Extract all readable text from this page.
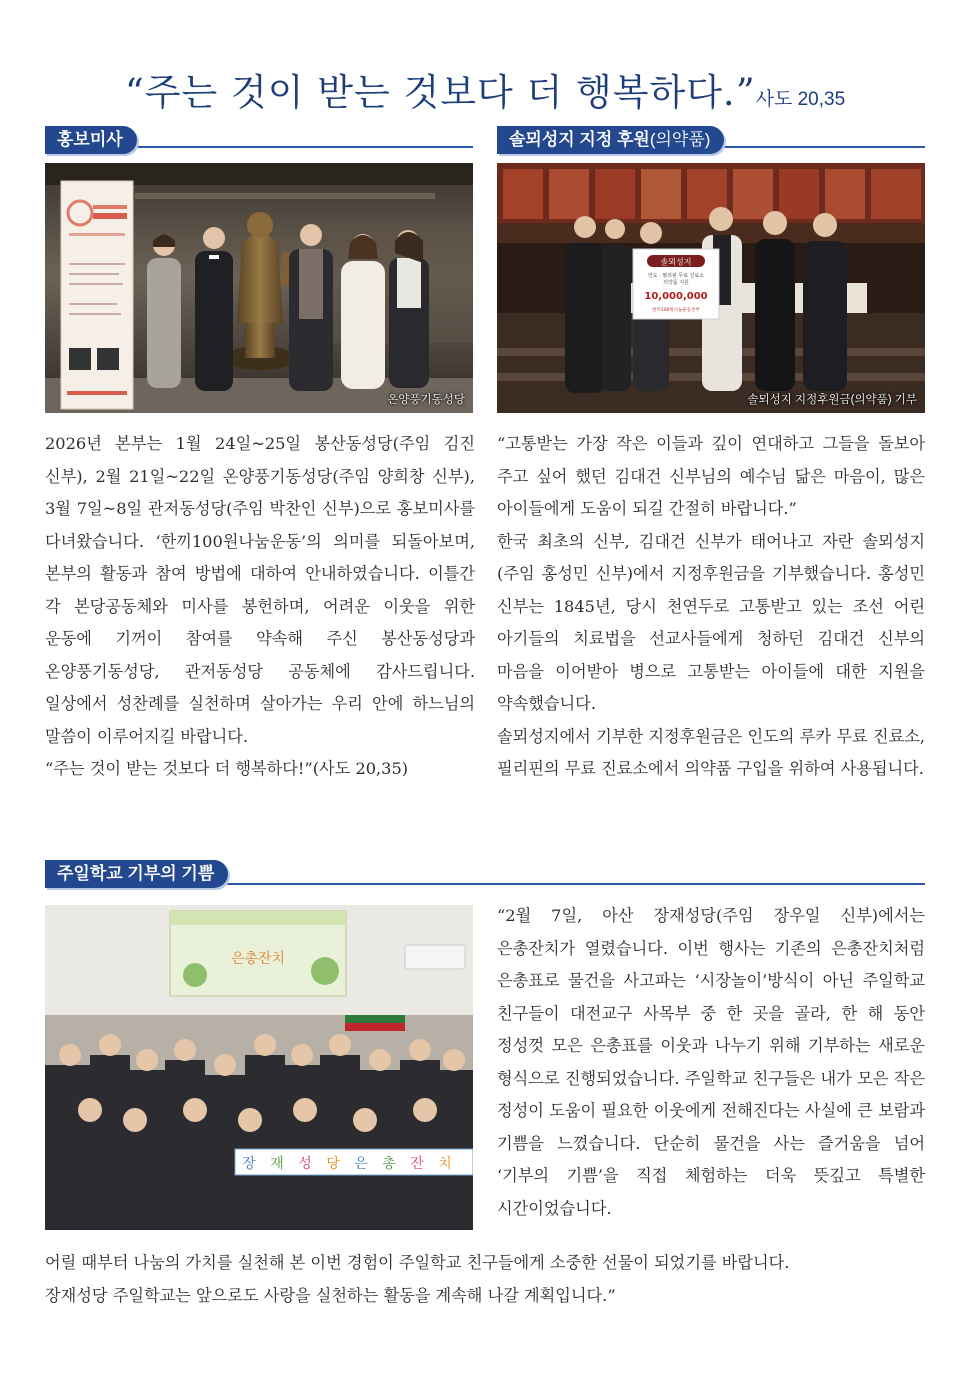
“주는 것이 받는 것보다 더 행복하다.”사도 20,35
홍보미사
온양풍기동성당

2026년 본부는 1월 24일~25일 봉산동성당(주임 김진 신부), 2월 21일~22일 온양풍기동성당(주임 양희창 신부), 3월 7일~8일 관저동성당(주임 박찬인 신부)으로 홍보미사를 다녀왔습니다. ‘한끼100원나눔운동’의 의미를 되돌아보며, 본부의 활동과 참여 방법에 대하여 안내하였습니다. 이틀간 각 본당공동체와 미사를 봉헌하며, 어려운 이웃을 위한 운동에 기꺼이 참여를 약속해 주신 봉산동성당과 온양풍기동성당, 관저동성당 공동체에 감사드립니다. 일상에서 성찬례를 실천하며 살아가는 우리 안에 하느님의 말씀이 이루어지길 바랍니다.

“주는 것이 받는 것보다 더 행복하다!”(사도 20,35)

솔뫼성지 지정 후원(의약품)
솔뫼성지
인도 · 필리핀 무료 진료소
의약품 지원
10,000,000
한끼100원나눔운동본부
솔뫼성지 지정후원금(의약품) 기부

“고통받는 가장 작은 이들과 깊이 연대하고 그들을 돌보아 주고 싶어 했던 김대건 신부님의 예수님 닮은 마음이, 많은 아이들에게 도움이 되길 간절히 바랍니다.”

한국 최초의 신부, 김대건 신부가 태어나고 자란 솔뫼성지(주임 홍성민 신부)에서 지정후원금을 기부했습니다. 홍성민 신부는 1845년, 당시 천연두로 고통받고 있는 조선 어린 아기들의 치료법을 선교사들에게 청하던 김대건 신부의 마음을 이어받아 병으로 고통받는 아이들에 대한 지원을 약속했습니다.

솔뫼성지에서 기부한 지정후원금은 인도의 루카 무료 진료소, 필리핀의 무료 진료소에서 의약품 구입을 위하여 사용됩니다.

주일학교 기부의 기쁨
은총잔치
장 재 성 당 은 총 잔 치

“2월 7일, 아산 장재성당(주임 장우일 신부)에서는 은총잔치가 열렸습니다. 이번 행사는 기존의 은총잔치처럼 은총표로 물건을 사고파는 ‘시장놀이’방식이 아닌 주일학교 친구들이 대전교구 사목부 중 한 곳을 골라, 한 해 동안 정성껏 모은 은총표를 이웃과 나누기 위해 기부하는 새로운 형식으로 진행되었습니다. 주일학교 친구들은 내가 모은 작은 정성이 도움이 필요한 이웃에게 전해진다는 사실에 큰 보람과 기쁨을 느꼈습니다. 단순히 물건을 사는 즐거움을 넘어 ‘기부의 기쁨’을 직접 체험하는 더욱 뜻깊고 특별한 시간이었습니다.

어릴 때부터 나눔의 가치를 실천해 본 이번 경험이 주일학교 친구들에게 소중한 선물이 되었기를 바랍니다.
장재성당 주일학교는 앞으로도 사랑을 실천하는 활동을 계속해 나갈 계획입니다.”
